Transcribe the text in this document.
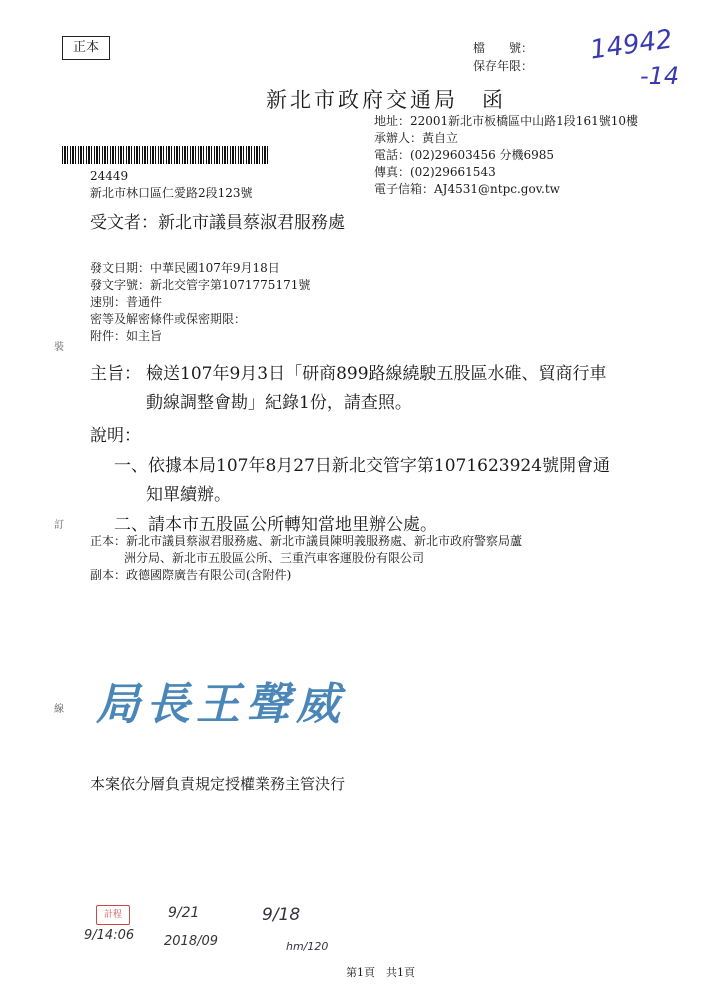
正本	檔　　號：
保存年限：
14942
-14
新北市政府交通局　函
地址：22001新北市板橋區中山路1段161號10樓
承辦人：黃自立
電話：(02)29603456 分機6985
傳真：(02)29661543
電子信箱：AJ4531@ntpc.gov.tw
24449
新北市林口區仁愛路2段123號
受文者：新北市議員蔡淑君服務處
發文日期：中華民國107年9月18日
發文字號：新北交管字第1071775171號
速別：普通件
密等及解密條件或保密期限：
附件：如主旨
主旨： 檢送107年9月3日「研商899路線繞駛五股區水碓、貿商行車
動線調整會勘」紀錄1份，請查照。
說明：
一、依據本局107年8月27日新北交管字第1071623924號開會通
知單續辦。
二、請本市五股區公所轉知當地里辦公處。
正本：新北市議員蔡淑君服務處、新北市議員陳明義服務處、新北市政府警察局蘆
洲分局、新北市五股區公所、三重汽車客運股份有限公司
副本：政德國際廣告有限公司(含附件)
裝
訂
線 局長王聲威
本案依分層負責規定授權業務主管決行
計程
9/14:06
9/21
2018/09
9/18
hm/120
第1頁　共1頁
